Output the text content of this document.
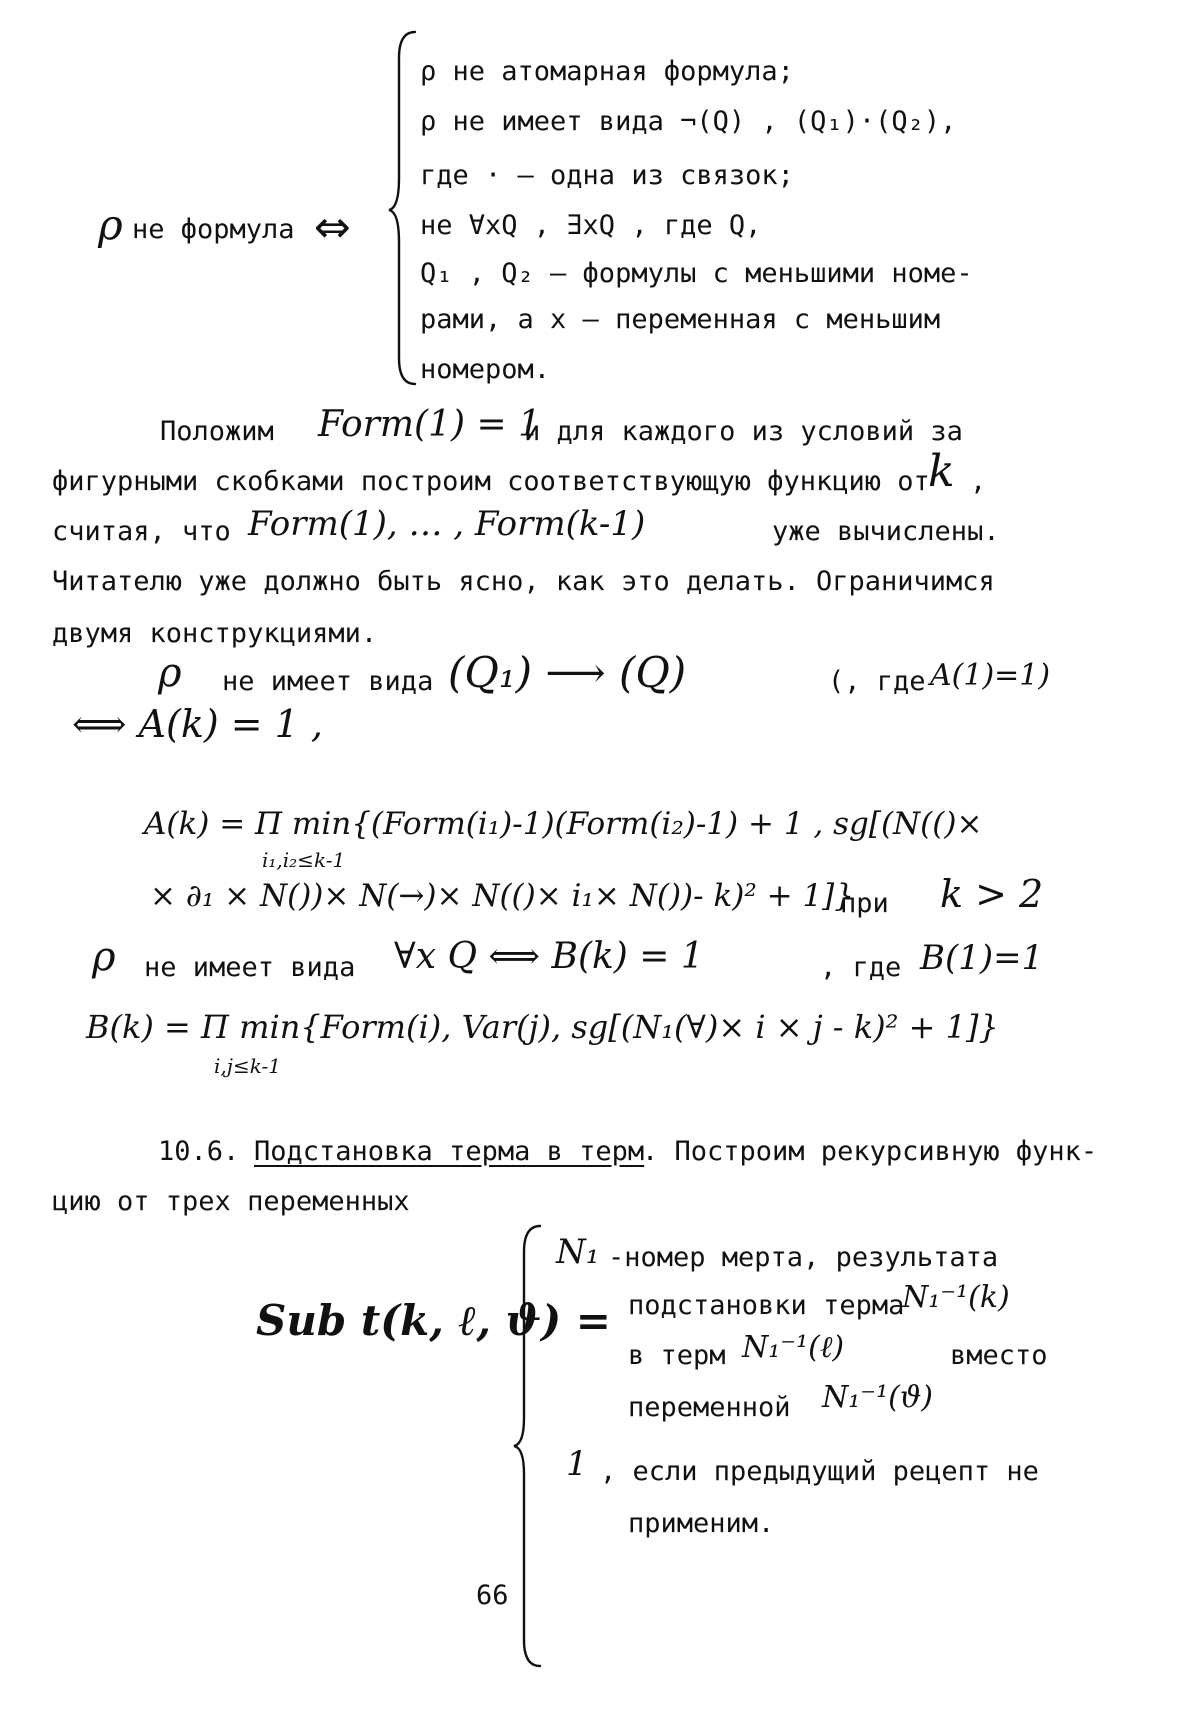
ρ не формула ⇔
ρ не атомарная формула;
ρ не имеет вида ¬(Q) , (Q₁)·(Q₂),
где · – одна из связок;
не ∀xQ , ∃xQ , где Q,
Q₁ , Q₂ – формулы с меньшими номе-
рами, а x – переменная с меньшим
номером.
Положим Form(1) = 1
и для каждого из условий за
фигурными скобками построим соответствующую функцию от
k ,
считая, что Form(1), … , Form(k-1)	уже вычислены.
Читателю уже должно быть ясно, как это делать. Ограничимся
двумя конструкциями.
ρ не имеет вида (Q₁) ⟶ (Q)	(, где A(1)=1)
⟺ A(k) = 1 ,
A(k) = Π min{(Form(i₁)-1)(Form(i₂)-1) + 1 , sg[(N(()×
i₁,i₂≤k-1
× ∂₁ × N())× N(→)× N(()× i₁× N())- k)² + 1]}
при k > 2
ρ не имеет вида ∀x Q ⟺ B(k) = 1	, где B(1)=1
B(k) = Π min{Form(i), Var(j), sg[(N₁(∀)× i × j - k)² + 1]}
i,j≤k-1
10.6. Подстановка терма в терм
. Построим рекурсивную функ-
цию от трех переменных
Sub t(k, ℓ, ϑ) =
N₁ -номер мерта, результата
подстановки терма
N₁⁻¹(k)
в терм N₁⁻¹(ℓ)	вместо
переменной N₁⁻¹(ϑ)
1 , если предыдущий рецепт не
применим.
66
